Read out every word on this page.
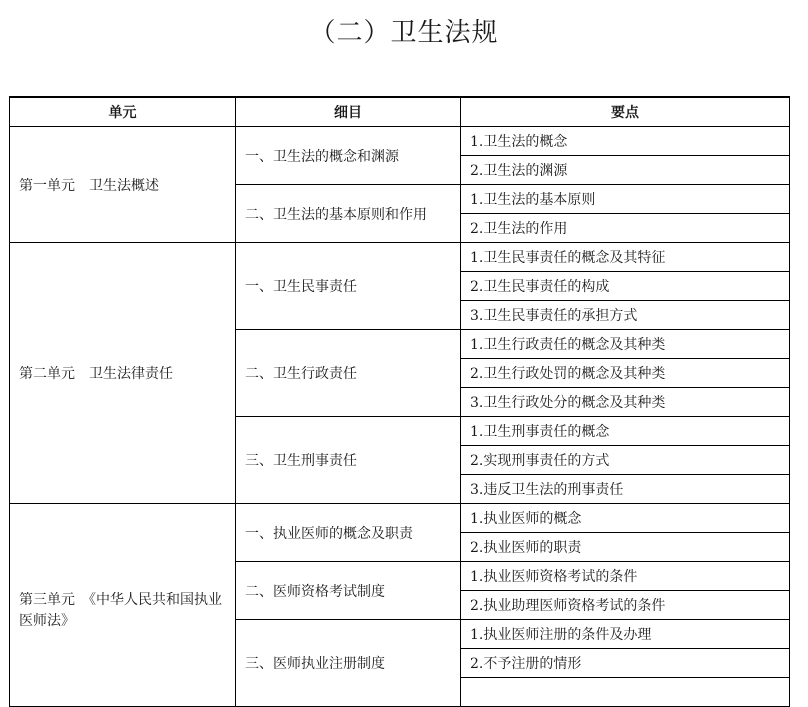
（二）卫生法规
单元	细目	要点
第一单元　卫生法概述	一、卫生法的概念和渊源	1.卫生法的概念
		2.卫生法的渊源
	二、卫生法的基本原则和作用	1.卫生法的基本原则
		2.卫生法的作用
第二单元　卫生法律责任	一、卫生民事责任	1.卫生民事责任的概念及其特征
		2.卫生民事责任的构成
		3.卫生民事责任的承担方式
	二、卫生行政责任	1.卫生行政责任的概念及其种类
		2.卫生行政处罚的概念及其种类
		3.卫生行政处分的概念及其种类
	三、卫生刑事责任	1.卫生刑事责任的概念
		2.实现刑事责任的方式
		3.违反卫生法的刑事责任

第三单元　《中华人民共和国执业医师法》	一、执业医师的概念及职责	1.执业医师的概念
		2.执业医师的职责
	二、医师资格考试制度	1.执业医师资格考试的条件
		2.执业助理医师资格考试的条件
	三、医师执业注册制度	1.执业医师注册的条件及办理
		2.不予注册的情形
